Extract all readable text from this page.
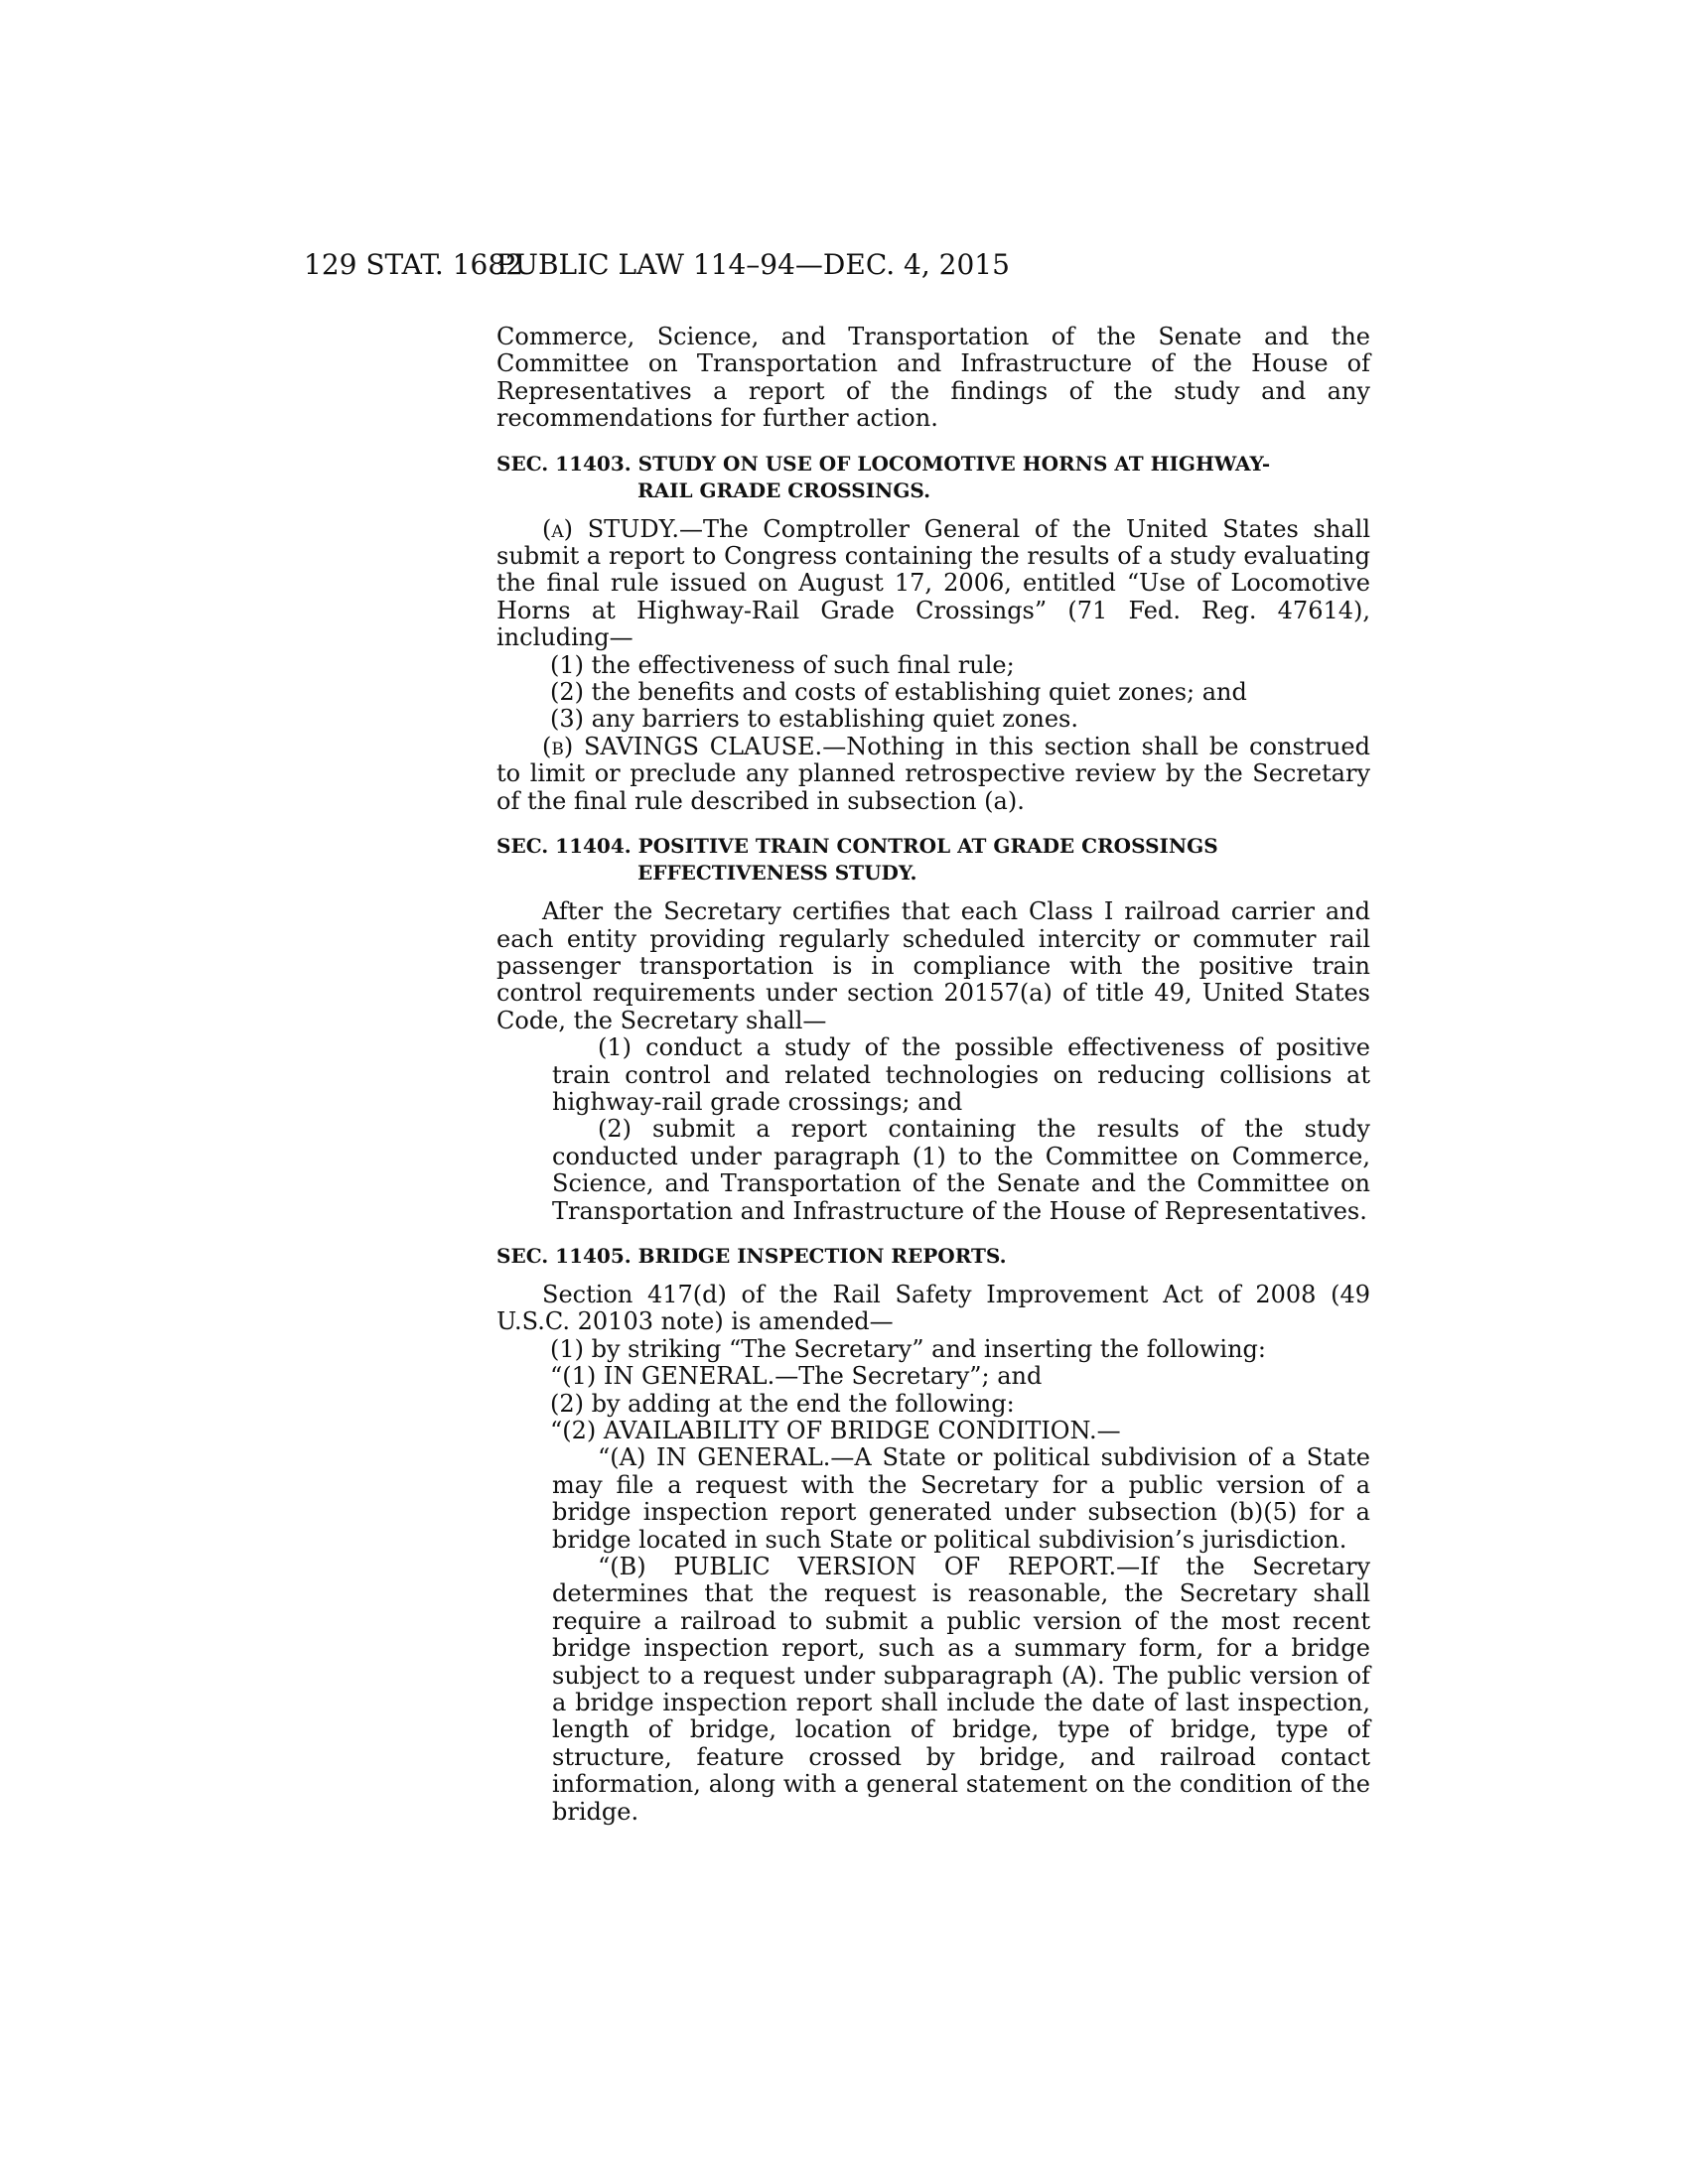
129 STAT. 1682
PUBLIC LAW 114–94—DEC. 4, 2015

Commerce, Science, and Transportation of the Senate and the Committee on Transportation and Infrastructure of the House of Representatives a report of the findings of the study and any recommendations for further action.

SEC. 11403. STUDY ON USE OF LOCOMOTIVE HORNS AT HIGHWAY-
RAIL GRADE CROSSINGS.

(a) STUDY.—The Comptroller General of the United States shall submit a report to Congress containing the results of a study evaluating the final rule issued on August 17, 2006, entitled “Use of Locomotive Horns at Highway-Rail Grade Crossings” (71 Fed. Reg. 47614), including—

(1) the effectiveness of such final rule;

(2) the benefits and costs of establishing quiet zones; and

(3) any barriers to establishing quiet zones.

(b) SAVINGS CLAUSE.—Nothing in this section shall be construed to limit or preclude any planned retrospective review by the Secretary of the final rule described in subsection (a).

SEC. 11404. POSITIVE TRAIN CONTROL AT GRADE CROSSINGS
EFFECTIVENESS STUDY.

After the Secretary certifies that each Class I railroad carrier and each entity providing regularly scheduled intercity or commuter rail passenger transportation is in compliance with the positive train control requirements under section 20157(a) of title 49, United States Code, the Secretary shall—

(1) conduct a study of the possible effectiveness of positive train control and related technologies on reducing collisions at highway-rail grade crossings; and

(2) submit a report containing the results of the study conducted under paragraph (1) to the Committee on Commerce, Science, and Transportation of the Senate and the Committee on Transportation and Infrastructure of the House of Representatives.

SEC. 11405. BRIDGE INSPECTION REPORTS.

Section 417(d) of the Rail Safety Improvement Act of 2008 (49 U.S.C. 20103 note) is amended—

(1) by striking “The Secretary” and inserting the following:

“(1) IN GENERAL.—The Secretary”; and

(2) by adding at the end the following:

“(2) AVAILABILITY OF BRIDGE CONDITION.—

“(A) IN GENERAL.—A State or political subdivision of a State may file a request with the Secretary for a public version of a bridge inspection report generated under subsection (b)(5) for a bridge located in such State or political subdivision’s jurisdiction.

“(B) PUBLIC VERSION OF REPORT.—If the Secretary determines that the request is reasonable, the Secretary shall require a railroad to submit a public version of the most recent bridge inspection report, such as a summary form, for a bridge subject to a request under subparagraph (A). The public version of a bridge inspection report shall include the date of last inspection, length of bridge, location of bridge, type of bridge, type of structure, feature crossed by bridge, and railroad contact information, along with a general statement on the condition of the bridge.
